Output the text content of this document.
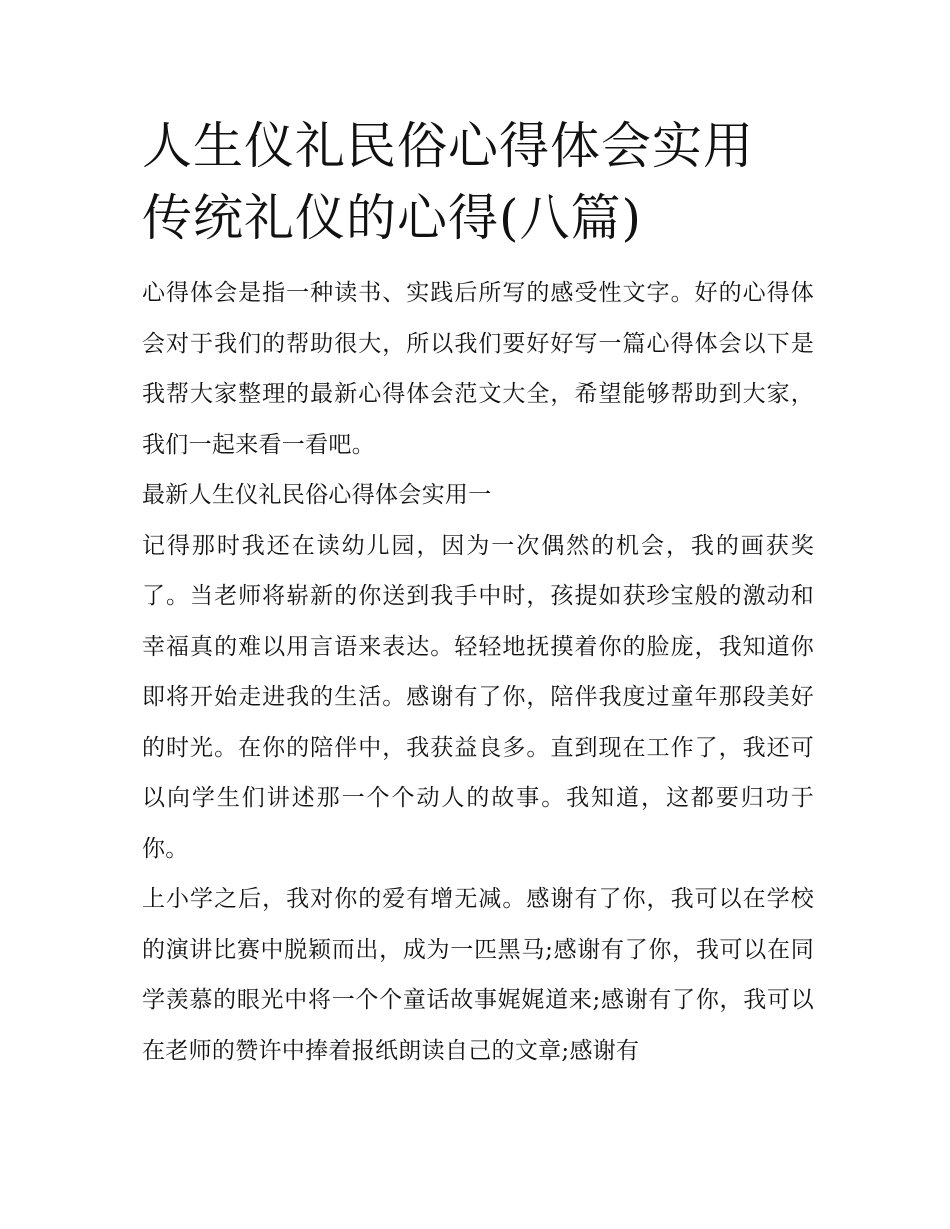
人生仪礼民俗心得体会实用 传统礼仪的心得(八篇)

心得体会是指一种读书、实践后所写的感受性文字。好的心得体会对于我们的帮助很大，所以我们要好好写一篇心得体会以下是我帮大家整理的最新心得体会范文大全，希望能够帮助到大家，我们一起来看一看吧。

最新人生仪礼民俗心得体会实用一

记得那时我还在读幼儿园，因为一次偶然的机会，我的画获奖了。当老师将崭新的你送到我手中时，孩提如获珍宝般的激动和幸福真的难以用言语来表达。轻轻地抚摸着你的脸庞，我知道你即将开始走进我的生活。感谢有了你，陪伴我度过童年那段美好的时光。在你的陪伴中，我获益良多。直到现在工作了，我还可以向学生们讲述那一个个动人的故事。我知道，这都要归功于你。

上小学之后，我对你的爱有增无减。感谢有了你，我可以在学校的演讲比赛中脱颖而出，成为一匹黑马;感谢有了你，我可以在同学羡慕的眼光中将一个个童话故事娓娓道来;感谢有了你，我可以在老师的赞许中捧着报纸朗读自己的文章;感谢有
